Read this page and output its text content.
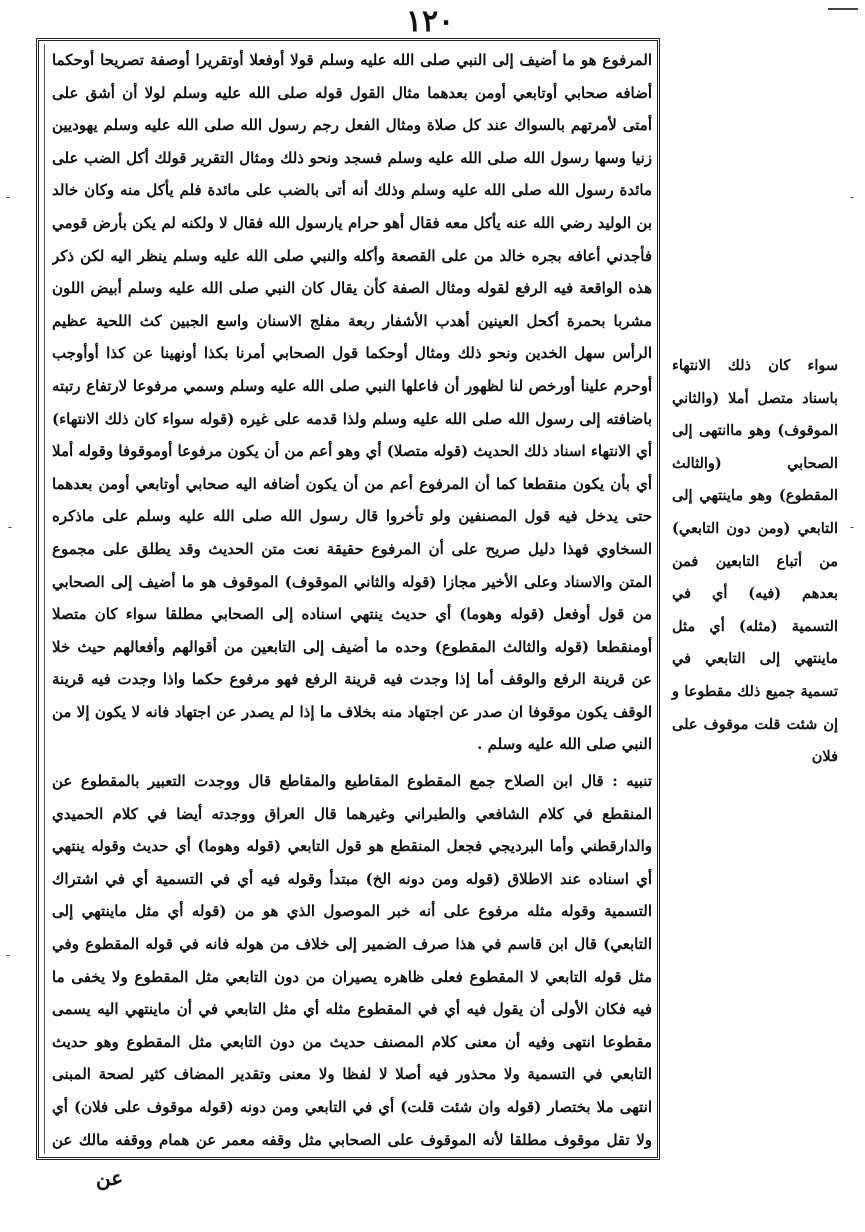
١٢٠

المرفوع هو ما أضيف إلى النبي صلى الله عليه وسلم قولا أوفعلا أوتقريرا أوصفة تصريحا أوحكما أضافه صحابي أوتابعي أومن بعدهما مثال القول قوله صلى الله عليه وسلم لولا أن أشق على أمتى لأمرتهم بالسواك عند كل صلاة ومثال الفعل رجم رسول الله صلى الله عليه وسلم يهوديين زنيا وسها رسول الله صلى الله عليه وسلم فسجد ونحو ذلك ومثال التقرير قولك أكل الضب على مائدة رسول الله صلى الله عليه وسلم وذلك أنه أتى بالضب على مائدة فلم يأكل منه وكان خالد بن الوليد رضي الله عنه يأكل معه فقال أهو حرام يارسول الله فقال لا ولكنه لم يكن بأرض قومي فأجدني أعافه بجره خالد من على القصعة وأكله والنبي صلى الله عليه وسلم ينظر اليه لكن ذكر هذه الواقعة فيه الرفع لقوله ومثال الصفة كأن يقال كان النبي صلى الله عليه وسلم أبيض اللون مشربا بحمرة أكحل العينين أهدب الأشفار ربعة مفلج الاسنان واسع الجبين كث اللحية عظيم الرأس سهل الخدين ونحو ذلك ومثال أوحكما قول الصحابي أمرنا بكذا أونهينا عن كذا أوأوجب أوحرم علينا أورخص لنا لظهور أن فاعلها النبي صلى الله عليه وسلم وسمي مرفوعا لارتفاع رتبته باضافته إلى رسول الله صلى الله عليه وسلم ولذا قدمه على غيره (قوله سواء كان ذلك الانتهاء) أي الانتهاء اسناد ذلك الحديث (قوله متصلا) أي وهو أعم من أن يكون مرفوعا أوموقوفا وقوله أملا أي بأن يكون منقطعا كما أن المرفوع أعم من أن يكون أضافه اليه صحابي أوتابعي أومن بعدهما حتى يدخل فيه قول المصنفين ولو تأخروا قال رسول الله صلى الله عليه وسلم على ماذكره السخاوي فهذا دليل صريح على أن المرفوع حقيقة نعت متن الحديث وقد يطلق على مجموع المتن والاسناد وعلى الأخير مجازا (قوله والثاني الموقوف) الموقوف هو ما أضيف إلى الصحابي من قول أوفعل (قوله وهوما) أي حديث ينتهي اسناده إلى الصحابي مطلقا سواء كان متصلا أومنقطعا (قوله والثالث المقطوع) وحده ما أضيف إلى التابعين من أقوالهم وأفعالهم حيث خلا عن قرينة الرفع والوقف أما إذا وجدت فيه قرينة الرفع فهو مرفوع حكما واذا وجدت فيه قرينة الوقف يكون موقوفا ان صدر عن اجتهاد منه بخلاف ما إذا لم يصدر عن اجتهاد فانه لا يكون إلا من النبي صلى الله عليه وسلم .

تنبيه : قال ابن الصلاح جمع المقطوع المقاطيع والمقاطع قال ووجدت التعبير بالمقطوع عن المنقطع في كلام الشافعي والطبراني وغيرهما قال العراق ووجدته أيضا في كلام الحميدي والدارقطني وأما البرديجي فجعل المنقطع هو قول التابعي (قوله وهوما) أي حديث وقوله ينتهي أي اسناده عند الاطلاق (قوله ومن دونه الخ) مبتدأ وقوله فيه أي في التسمية أي في اشتراك التسمية وقوله مثله مرفوع على أنه خبر الموصول الذي هو من (قوله أي مثل ماينتهي إلى التابعي) قال ابن قاسم في هذا صرف الضمير إلى خلاف من هوله فانه في قوله المقطوع وفي مثل قوله التابعي لا المقطوع فعلى ظاهره يصيران من دون التابعي مثل المقطوع ولا يخفى ما فيه فكان الأولى أن يقول فيه أي في المقطوع مثله أي مثل التابعي في أن ماينتهي اليه يسمى مقطوعا انتهى وفيه أن معنى كلام المصنف حديث من دون التابعي مثل المقطوع وهو حديث التابعي في التسمية ولا محذور فيه أصلا لا لفظا ولا معنى وتقدير المضاف كثير لصحة المبنى انتهى ملا بختصار (قوله وان شئت قلت) أي في التابعي ومن دونه (قوله موقوف على فلان) أي ولا تقل موقوف مطلقا لأنه الموقوف على الصحابي مثل وقفه معمر عن همام ووقفه مالك عن

سواء كان ذلك الانتهاء باسناد متصل أملا (والثاني الموقوف) وهو ماانتهى إلى الصحابي (والثالث المقطوع) وهو ماينتهي إلى التابعي (ومن دون التابعي) من أتباع التابعين فمن بعدهم (فيه) أي في التسمية (مثله) أي مثل ماينتهي إلى التابعي في تسمية جميع ذلك مقطوعا و إن شئت قلت موقوف على فلان
عن
-	-
-	-
-
